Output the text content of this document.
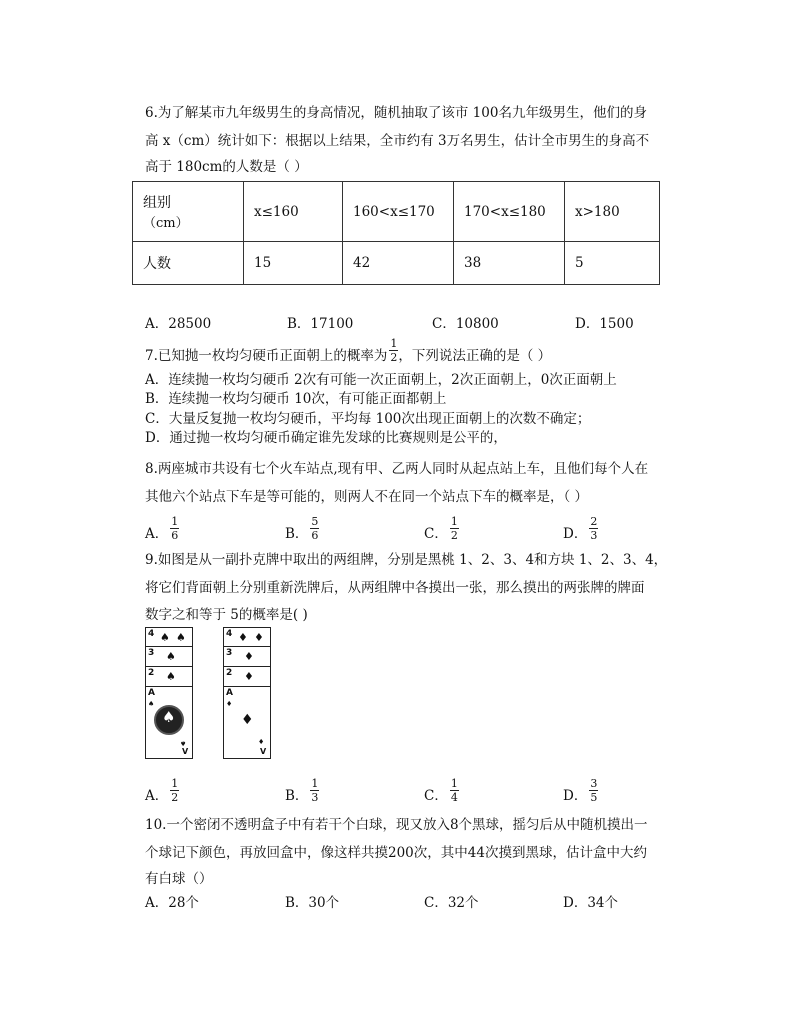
6.为了解某市九年级男生的身高情况，随机抽取了该市 100名九年级男生，他们的身
高 x（cm）统计如下：根据以上结果，全市约有 3万名男生，估计全市男生的身高不
高于 180cm的人数是（ ）
组别
（cm）	x≤160	160<x≤170	170<x≤180	x>180
人数	15	42	38	5
A．28500	B．17100	C．10800	D．1500
7.已知抛一枚均匀硬币正面朝上的概率为 $\frac{1}{2}$ ，下列说法正确的是（ ）
A．连续抛一枚均匀硬币 2次有可能一次正面朝上，2次正面朝上，0次正面朝上
B．连续抛一枚均匀硬币 10次，有可能正面都朝上
C．大量反复抛一枚均匀硬币，平均每 100次出现正面朝上的次数不确定；
D．通过抛一枚均匀硬币确定谁先发球的比赛规则是公平的，
8.两座城市共设有七个火车站点,现有甲、乙两人同时从起点站上车，且他们每个人在
其他六个站点下车是等可能的，则两人不在同一个站点下车的概率是，（ ）
A． $\frac{1}{6}$	B． $\frac{5}{6}$	C． $\frac{1}{2}$	D． $\frac{2}{3}$
9.如图是从一副扑克牌中取出的两组牌，分别是黑桃 1、2、3、4和方块 1、2、3、4，
将它们背面朝上分别重新洗牌后，从两组牌中各摸出一张，那么摸出的两张牌的牌面
数字之和等于 5的概率是( )
4 ♠ ♠
3 ♠
2 ♠
A
♠
♠
♠
V
4 ♦ ♦
3 ♦
2 ♦
A
♦
♦
♦
V
A． $\frac{1}{2}$	B． $\frac{1}{3}$	C． $\frac{1}{4}$	D． $\frac{3}{5}$
10.一个密闭不透明盒子中有若干个白球，现又放入8个黑球，摇匀后从中随机摸出一
个球记下颜色，再放回盒中，像这样共摸200次，其中44次摸到黑球，估计盒中大约
有白球（）
A．28个	B．30个	C．32个	D．34个
